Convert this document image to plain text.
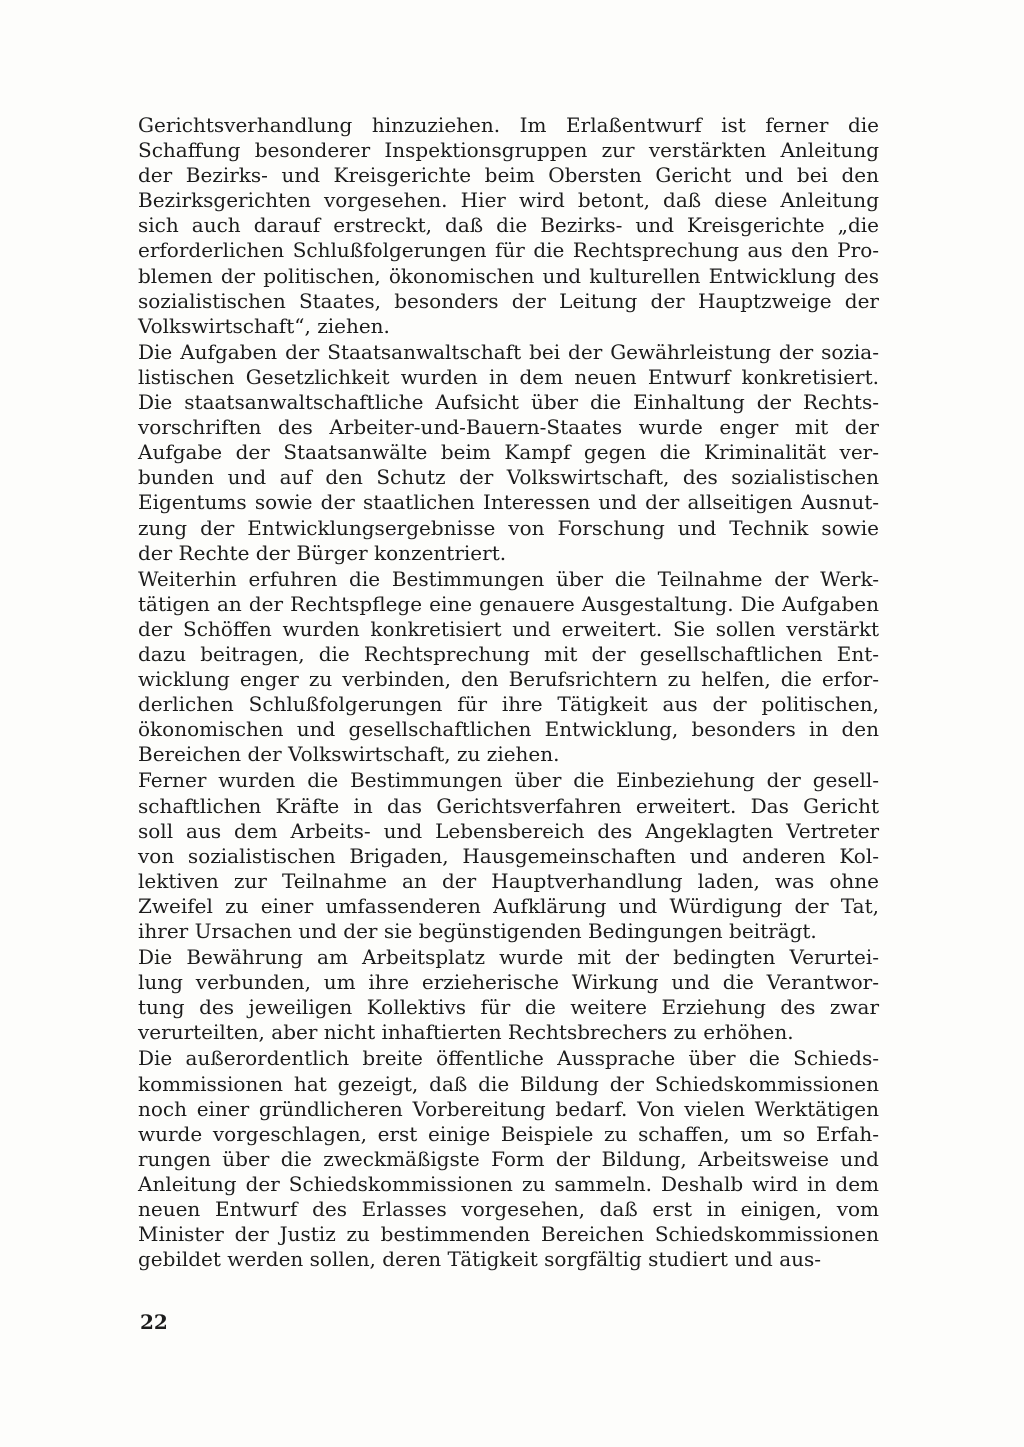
Gerichtsverhandlung hinzuziehen. Im Erlaßentwurf ist ferner die
Schaffung besonderer Inspektionsgruppen zur verstärkten Anleitung
der Bezirks- und Kreisgerichte beim Obersten Gericht und bei den
Bezirksgerichten vorgesehen. Hier wird betont, daß diese Anleitung
sich auch darauf erstreckt, daß die Bezirks- und Kreisgerichte „die
erforderlichen Schlußfolgerungen für die Rechtsprechung aus den Pro-
blemen der politischen, ökonomischen und kulturellen Entwicklung des
sozialistischen Staates, besonders der Leitung der Hauptzweige der
Volkswirtschaft“, ziehen.
Die Aufgaben der Staatsanwaltschaft bei der Gewährleistung der sozia-
listischen Gesetzlichkeit wurden in dem neuen Entwurf konkretisiert.
Die staatsanwaltschaftliche Aufsicht über die Einhaltung der Rechts-
vorschriften des Arbeiter-und-Bauern-Staates wurde enger mit der
Aufgabe der Staatsanwälte beim Kampf gegen die Kriminalität ver-
bunden und auf den Schutz der Volkswirtschaft, des sozialistischen
Eigentums sowie der staatlichen Interessen und der allseitigen Ausnut-
zung der Entwicklungsergebnisse von Forschung und Technik sowie
der Rechte der Bürger konzentriert.
Weiterhin erfuhren die Bestimmungen über die Teilnahme der Werk-
tätigen an der Rechtspflege eine genauere Ausgestaltung. Die Aufgaben
der Schöffen wurden konkretisiert und erweitert. Sie sollen verstärkt
dazu beitragen, die Rechtsprechung mit der gesellschaftlichen Ent-
wicklung enger zu verbinden, den Berufsrichtern zu helfen, die erfor-
derlichen Schlußfolgerungen für ihre Tätigkeit aus der politischen,
ökonomischen und gesellschaftlichen Entwicklung, besonders in den
Bereichen der Volkswirtschaft, zu ziehen.
Ferner wurden die Bestimmungen über die Einbeziehung der gesell-
schaftlichen Kräfte in das Gerichtsverfahren erweitert. Das Gericht
soll aus dem Arbeits- und Lebensbereich des Angeklagten Vertreter
von sozialistischen Brigaden, Hausgemeinschaften und anderen Kol-
lektiven zur Teilnahme an der Hauptverhandlung laden, was ohne
Zweifel zu einer umfassenderen Aufklärung und Würdigung der Tat,
ihrer Ursachen und der sie begünstigenden Bedingungen beiträgt.
Die Bewährung am Arbeitsplatz wurde mit der bedingten Verurtei-
lung verbunden, um ihre erzieherische Wirkung und die Verantwor-
tung des jeweiligen Kollektivs für die weitere Erziehung des zwar
verurteilten, aber nicht inhaftierten Rechtsbrechers zu erhöhen.
Die außerordentlich breite öffentliche Aussprache über die Schieds-
kommissionen hat gezeigt, daß die Bildung der Schiedskommissionen
noch einer gründlicheren Vorbereitung bedarf. Von vielen Werktätigen
wurde vorgeschlagen, erst einige Beispiele zu schaffen, um so Erfah-
rungen über die zweckmäßigste Form der Bildung, Arbeitsweise und
Anleitung der Schiedskommissionen zu sammeln. Deshalb wird in dem
neuen Entwurf des Erlasses vorgesehen, daß erst in einigen, vom
Minister der Justiz zu bestimmenden Bereichen Schiedskommissionen
gebildet werden sollen, deren Tätigkeit sorgfältig studiert und aus-
22
